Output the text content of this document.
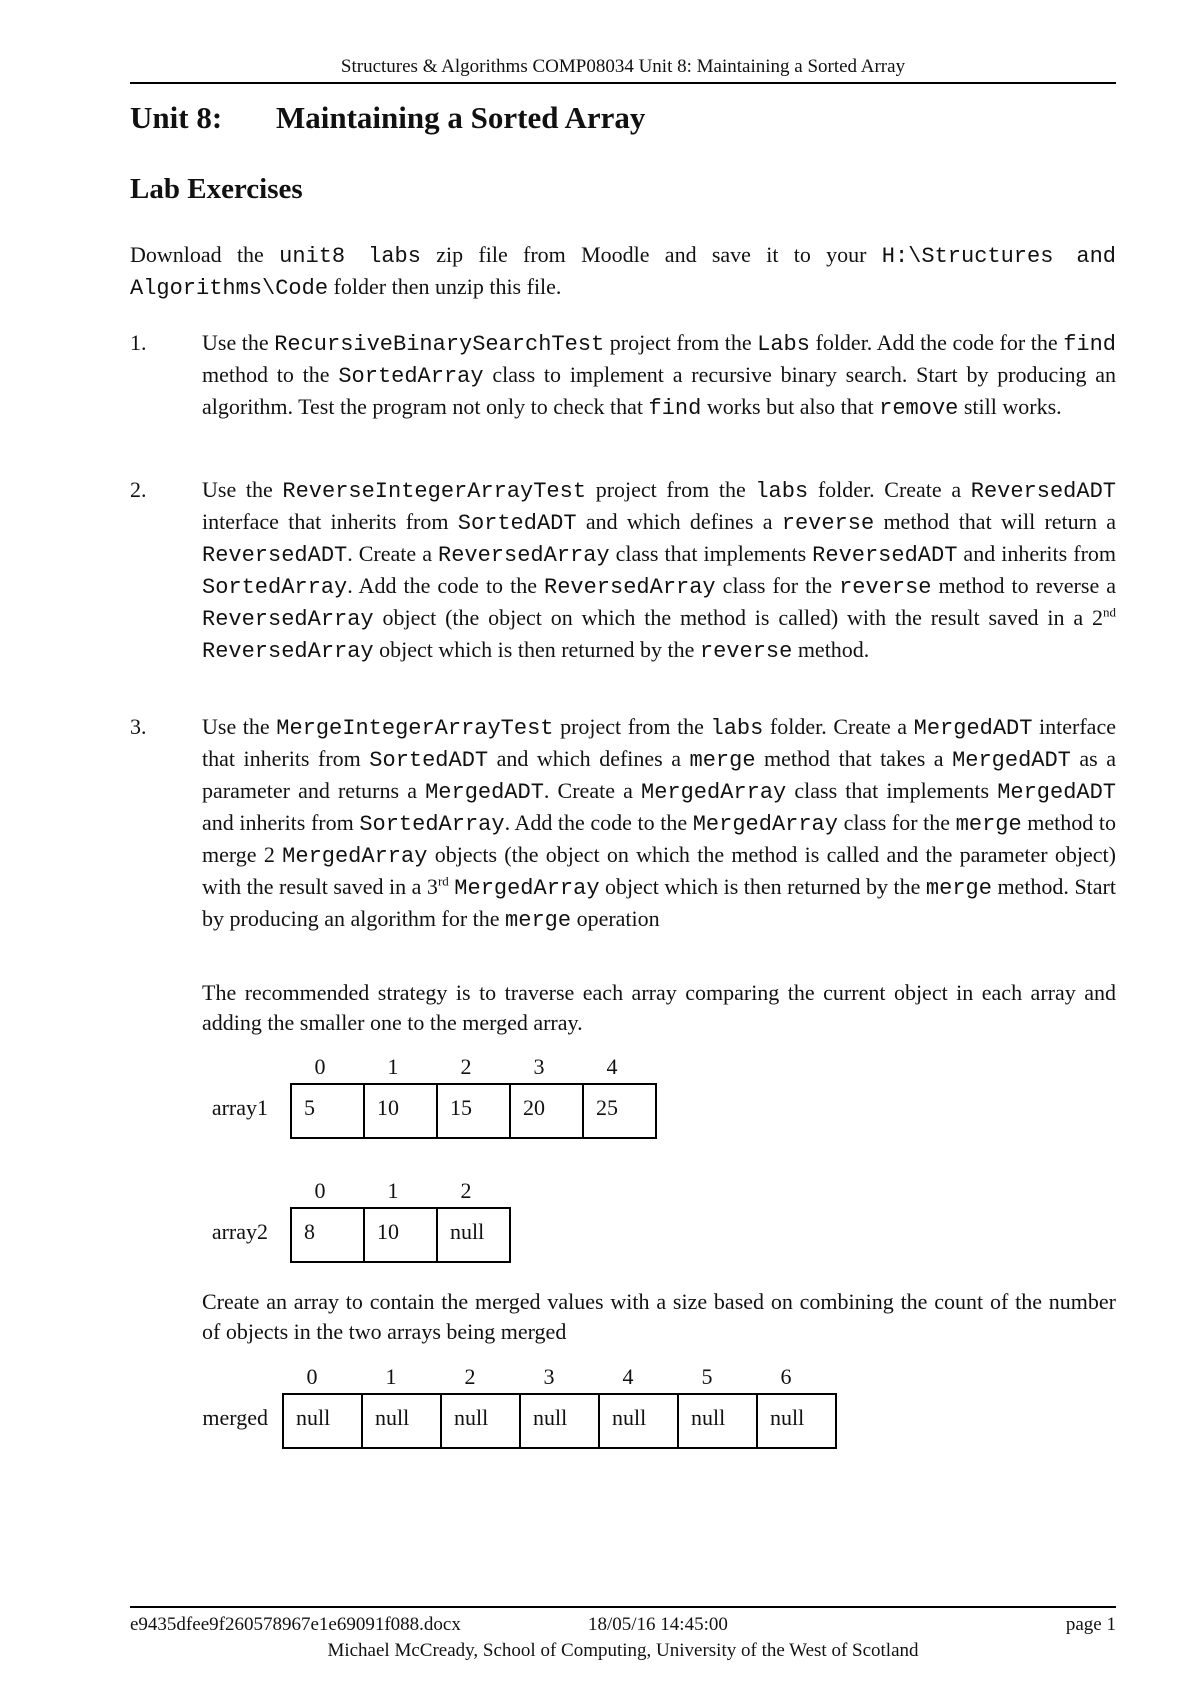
Structures & Algorithms COMP08034 Unit 8: Maintaining a Sorted Array
Unit 8: Maintaining a Sorted Array
Lab Exercises

Download the unit8 labs zip file from Moodle and save it to your H:\Structures and Algorithms\Code folder then unzip this file.

1.	Use the RecursiveBinarySearchTest project from the Labs folder. Add the code for the find method to the SortedArray class to implement a recursive binary search. Start by producing an algorithm. Test the program not only to check that find works but also that remove still works.

2.	Use the ReverseIntegerArrayTest project from the labs folder. Create a ReversedADT interface that inherits from SortedADT and which defines a reverse method that will return a ReversedADT. Create a ReversedArray class that implements ReversedADT and inherits from SortedArray. Add the code to the ReversedArray class for the reverse method to reverse a ReversedArray object (the object on which the method is called) with the result saved in a 2nd ReversedArray object which is then returned by the reverse method.

3.	Use the MergeIntegerArrayTest project from the labs folder. Create a MergedADT interface that inherits from SortedADT and which defines a merge method that takes a MergedADT as a parameter and returns a MergedADT. Create a MergedArray class that implements MergedADT and inherits from SortedArray. Add the code to the MergedArray class for the merge method to merge 2 MergedArray objects (the object on which the method is called and the parameter object) with the result saved in a 3rd MergedArray object which is then returned by the merge method. Start by producing an algorithm for the merge operation

The recommended strategy is to traverse each array comparing the current object in each array and adding the smaller one to the merged array.

array1
0	1	2	3	4
5	10	15	20	25
array2
0	1	2
8	10	null

Create an array to contain the merged values with a size based on combining the count of the number of objects in the two arrays being merged

merged
0	1	2	3	4	5	6
null	null	null	null	null	null	null
e9435dfee9f260578967e1e69091f088.docx	18/05/16 14:45:00	page 1
Michael McCready, School of Computing, University of the West of Scotland
